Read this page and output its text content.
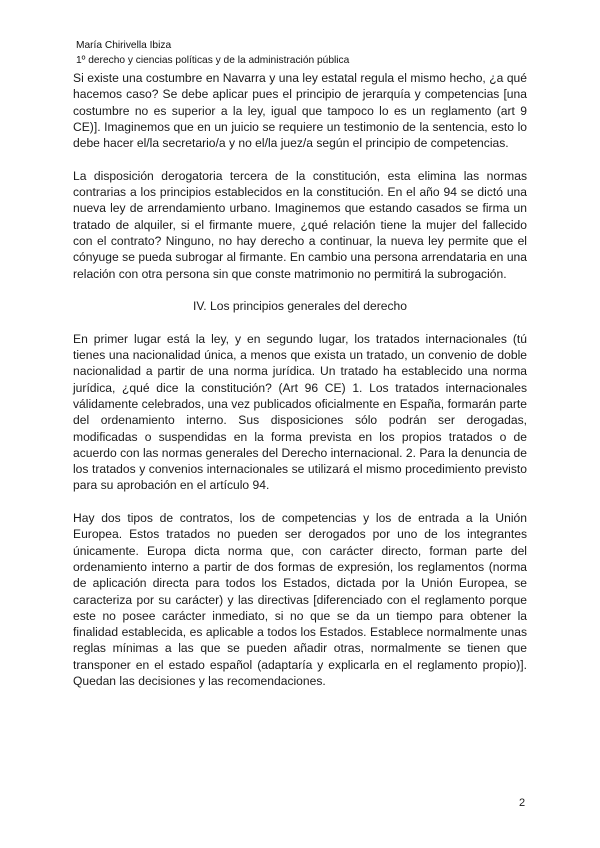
María Chirivella Ibiza
1º derecho y ciencias políticas y de la administración pública

Si existe una costumbre en Navarra y una ley estatal regula el mismo hecho, ¿a qué hacemos caso? Se debe aplicar pues el principio de jerarquía y competencias [una costumbre no es superior a la ley, igual que tampoco lo es un reglamento (art 9 CE)]. Imaginemos que en un juicio se requiere un testimonio de la sentencia, esto lo debe hacer el/la secretario/a y no el/la juez/a según el principio de competencias.

La disposición derogatoria tercera de la constitución, esta elimina las normas contrarias a los principios establecidos en la constitución. En el año 94 se dictó una nueva ley de arrendamiento urbano. Imaginemos que estando casados se firma un tratado de alquiler, si el firmante muere, ¿qué relación tiene la mujer del fallecido con el contrato? Ninguno, no hay derecho a continuar, la nueva ley permite que el cónyuge se pueda subrogar al firmante. En cambio una persona arrendataria en una relación con otra persona sin que conste matrimonio no permitirá la subrogación.

IV. Los principios generales del derecho

En primer lugar está la ley, y en segundo lugar, los tratados internacionales (tú tienes una nacionalidad única, a menos que exista un tratado, un convenio de doble nacionalidad a partir de una norma jurídica. Un tratado ha establecido una norma jurídica, ¿qué dice la constitución? (Art 96 CE) 1. Los tratados internacionales válidamente celebrados, una vez publicados oficialmente en España, formarán parte del ordenamiento interno. Sus disposiciones sólo podrán ser derogadas, modificadas o suspendidas en la forma prevista en los propios tratados o de acuerdo con las normas generales del Derecho internacional. 2. Para la denuncia de los tratados y convenios internacionales se utilizará el mismo procedimiento previsto para su aprobación en el artículo 94.

Hay dos tipos de contratos, los de competencias y los de entrada a la Unión Europea. Estos tratados no pueden ser derogados por uno de los integrantes únicamente. Europa dicta norma que, con carácter directo, forman parte del ordenamiento interno a partir de dos formas de expresión, los reglamentos (norma de aplicación directa para todos los Estados, dictada por la Unión Europea, se caracteriza por su carácter) y las directivas [diferenciado con el reglamento porque este no posee carácter inmediato, si no que se da un tiempo para obtener la finalidad establecida, es aplicable a todos los Estados. Establece normalmente unas reglas mínimas a las que se pueden añadir otras, normalmente se tienen que transponer en el estado español (adaptaría y explicarla en el reglamento propio)]. Quedan las decisiones y las recomendaciones.

2
